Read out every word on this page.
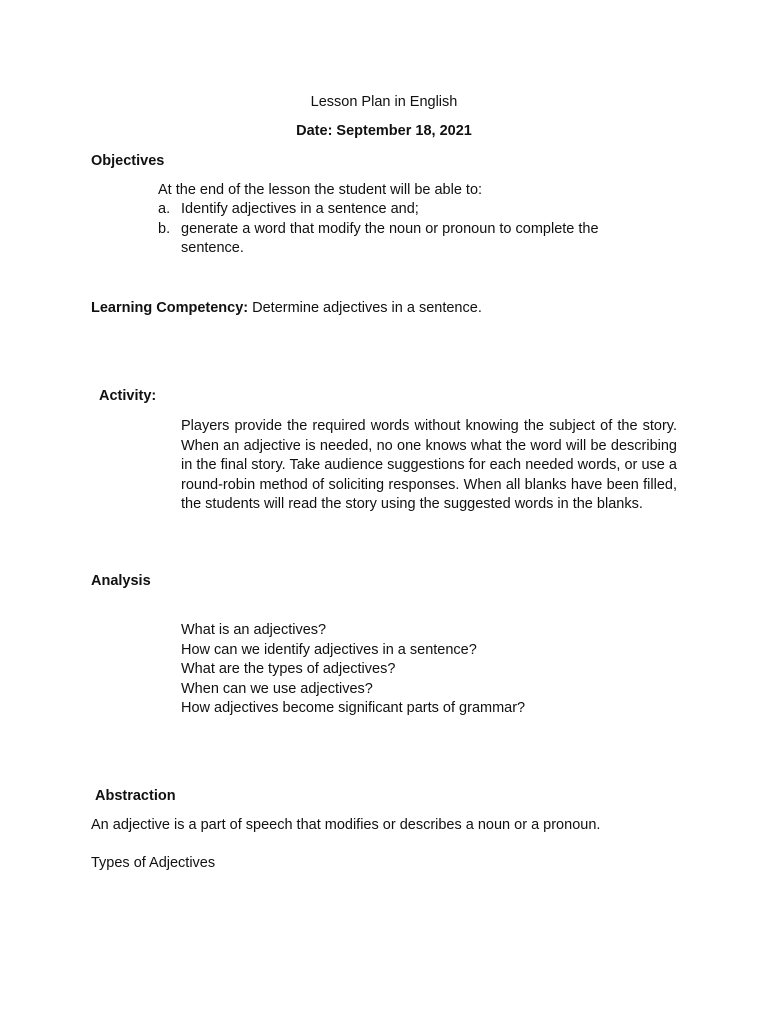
Lesson Plan in English
Date: September 18, 2021
Objectives
At the end of the lesson the student will be able to:
a. Identify adjectives in a sentence and;
b. generate a word that modify the noun or pronoun to complete the sentence.
Learning Competency: Determine adjectives in a sentence.
Activity:
Players provide the required words without knowing the subject of the story. When an adjective is needed, no one knows what the word will be describing in the final story. Take audience suggestions for each needed words, or use a round-robin method of soliciting responses. When all blanks have been filled, the students will read the story using the suggested words in the blanks.
Analysis
What is an adjectives?
How can we identify adjectives in a sentence?
What are the types of adjectives?
When can we use adjectives?
How adjectives become significant parts of grammar?
Abstraction
An adjective is a part of speech that modifies or describes a noun or a pronoun.
Types of Adjectives
